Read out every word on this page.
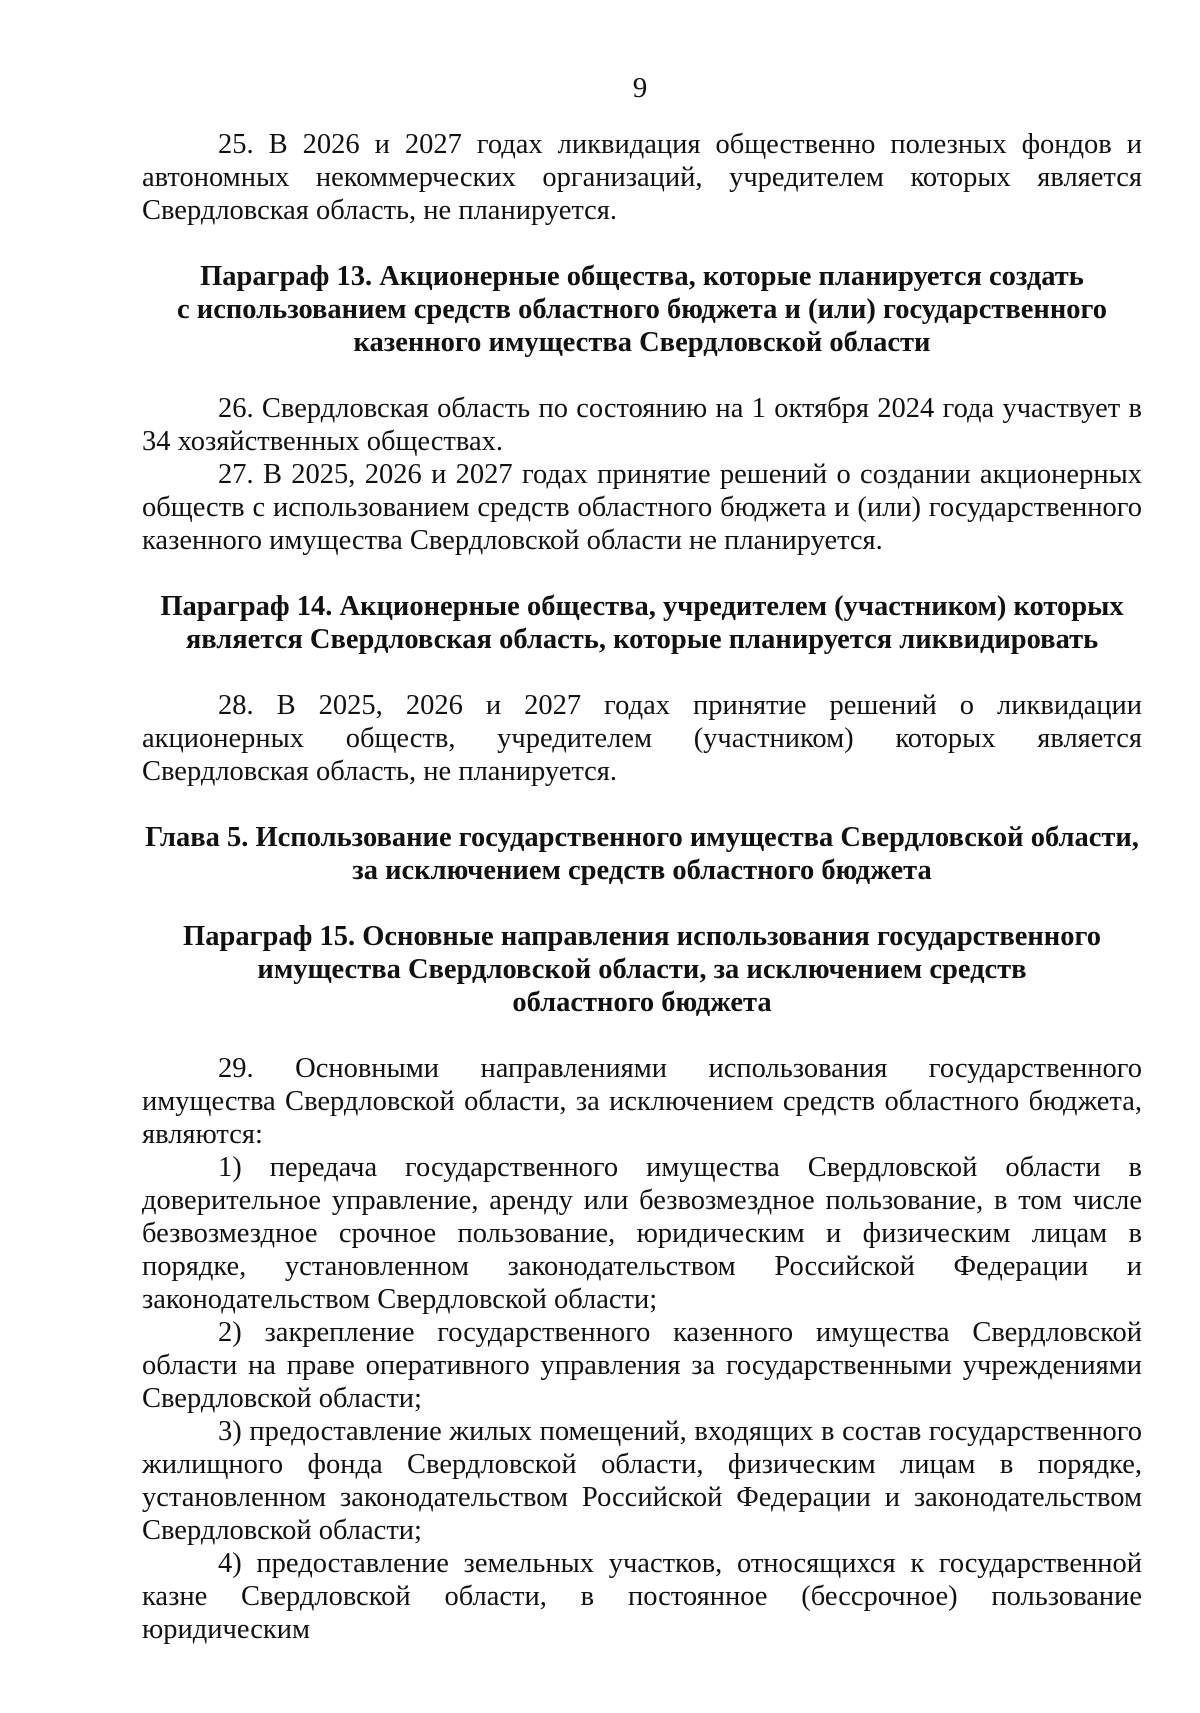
9

25. В 2026 и 2027 годах ликвидация общественно полезных фондов и автономных некоммерческих организаций, учредителем которых является Свердловская область, не планируется.

Параграф 13. Акционерные общества, которые планируется создать
с использованием средств областного бюджета и (или) государственного
казенного имущества Свердловской области

26. Свердловская область по состоянию на 1 октября 2024 года участвует в 34 хозяйственных обществах.

27. В 2025, 2026 и 2027 годах принятие решений о создании акционерных обществ с использованием средств областного бюджета и (или) государственного казенного имущества Свердловской области не планируется.

Параграф 14. Акционерные общества, учредителем (участником) которых
является Свердловская область, которые планируется ликвидировать

28. В 2025, 2026 и 2027 годах принятие решений о ликвидации акционерных обществ, учредителем (участником) которых является Свердловская область, не планируется.

Глава 5. Использование государственного имущества Свердловской области,
за исключением средств областного бюджета
Параграф 15. Основные направления использования государственного
имущества Свердловской области, за исключением средств
областного бюджета

29. Основными направлениями использования государственного имущества Свердловской области, за исключением средств областного бюджета, являются:

1) передача государственного имущества Свердловской области в доверительное управление, аренду или безвозмездное пользование, в том числе безвозмездное срочное пользование, юридическим и физическим лицам в порядке, установленном законодательством Российской Федерации и законодательством Свердловской области;

2) закрепление государственного казенного имущества Свердловской области на праве оперативного управления за государственными учреждениями Свердловской области;

3) предоставление жилых помещений, входящих в состав государственного жилищного фонда Свердловской области, физическим лицам в порядке, установленном законодательством Российской Федерации и законодательством Свердловской области;

4) предоставление земельных участков, относящихся к государственной казне Свердловской области, в постоянное (бессрочное) пользование юридическим
